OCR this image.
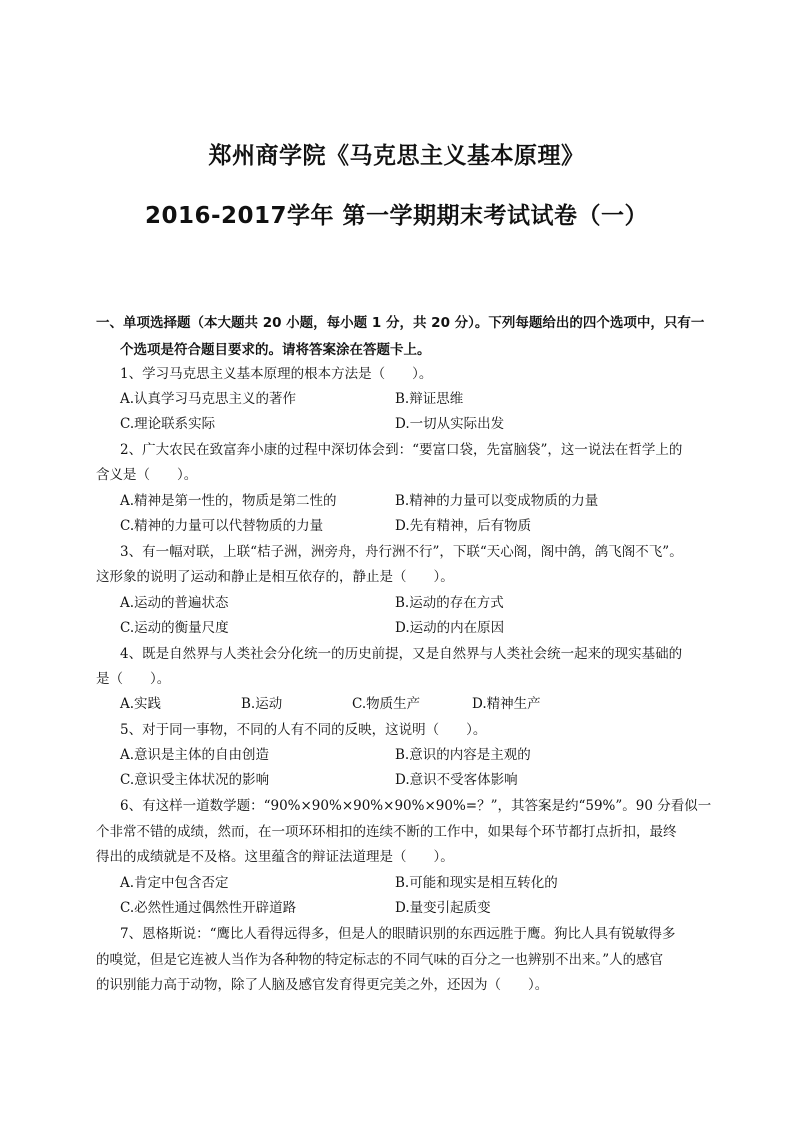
郑州商学院《马克思主义基本原理》
2016-2017学年 第一学期期末考试试卷（一）
一、单项选择题（本大题共 20 小题，每小题 1 分，共 20 分）。下列每题给出的四个选项中，只有一
个选项是符合题目要求的。请将答案涂在答题卡上。
1、学习马克思主义基本原理的根本方法是（　　）。
A.认真学习马克思主义的著作	B.辩证思维
C.理论联系实际	D.一切从实际出发
2、广大农民在致富奔小康的过程中深切体会到：“要富口袋，先富脑袋”，这一说法在哲学上的
含义是（　　）。
A.精神是第一性的，物质是第二性的	B.精神的力量可以变成物质的力量
C.精神的力量可以代替物质的力量	D.先有精神，后有物质
3、有一幅对联，上联“桔子洲，洲旁舟，舟行洲不行”，下联“天心阁，阁中鸽，鸽飞阁不飞”。
这形象的说明了运动和静止是相互依存的，静止是（　　）。
A.运动的普遍状态	B.运动的存在方式
C.运动的衡量尺度	D.运动的内在原因
4、既是自然界与人类社会分化统一的历史前提，又是自然界与人类社会统一起来的现实基础的
是（　　）。
A.实践	B.运动	C.物质生产	D.精神生产
5、对于同一事物，不同的人有不同的反映，这说明（　　）。
A.意识是主体的自由创造	B.意识的内容是主观的
C.意识受主体状况的影响	D.意识不受客体影响
6、有这样一道数学题：“90%×90%×90%×90%×90%=？”，其答案是约“59%”。90 分看似一
个非常不错的成绩，然而，在一项环环相扣的连续不断的工作中，如果每个环节都打点折扣，最终
得出的成绩就是不及格。这里蕴含的辩证法道理是（　　）。
A.肯定中包含否定	B.可能和现实是相互转化的
C.必然性通过偶然性开辟道路	D.量变引起质变
7、恩格斯说：“鹰比人看得远得多，但是人的眼睛识别的东西远胜于鹰。狗比人具有锐敏得多
的嗅觉，但是它连被人当作为各种物的特定标志的不同气味的百分之一也辨别不出来。”人的感官
的识别能力高于动物，除了人脑及感官发育得更完美之外，还因为（　　）。
